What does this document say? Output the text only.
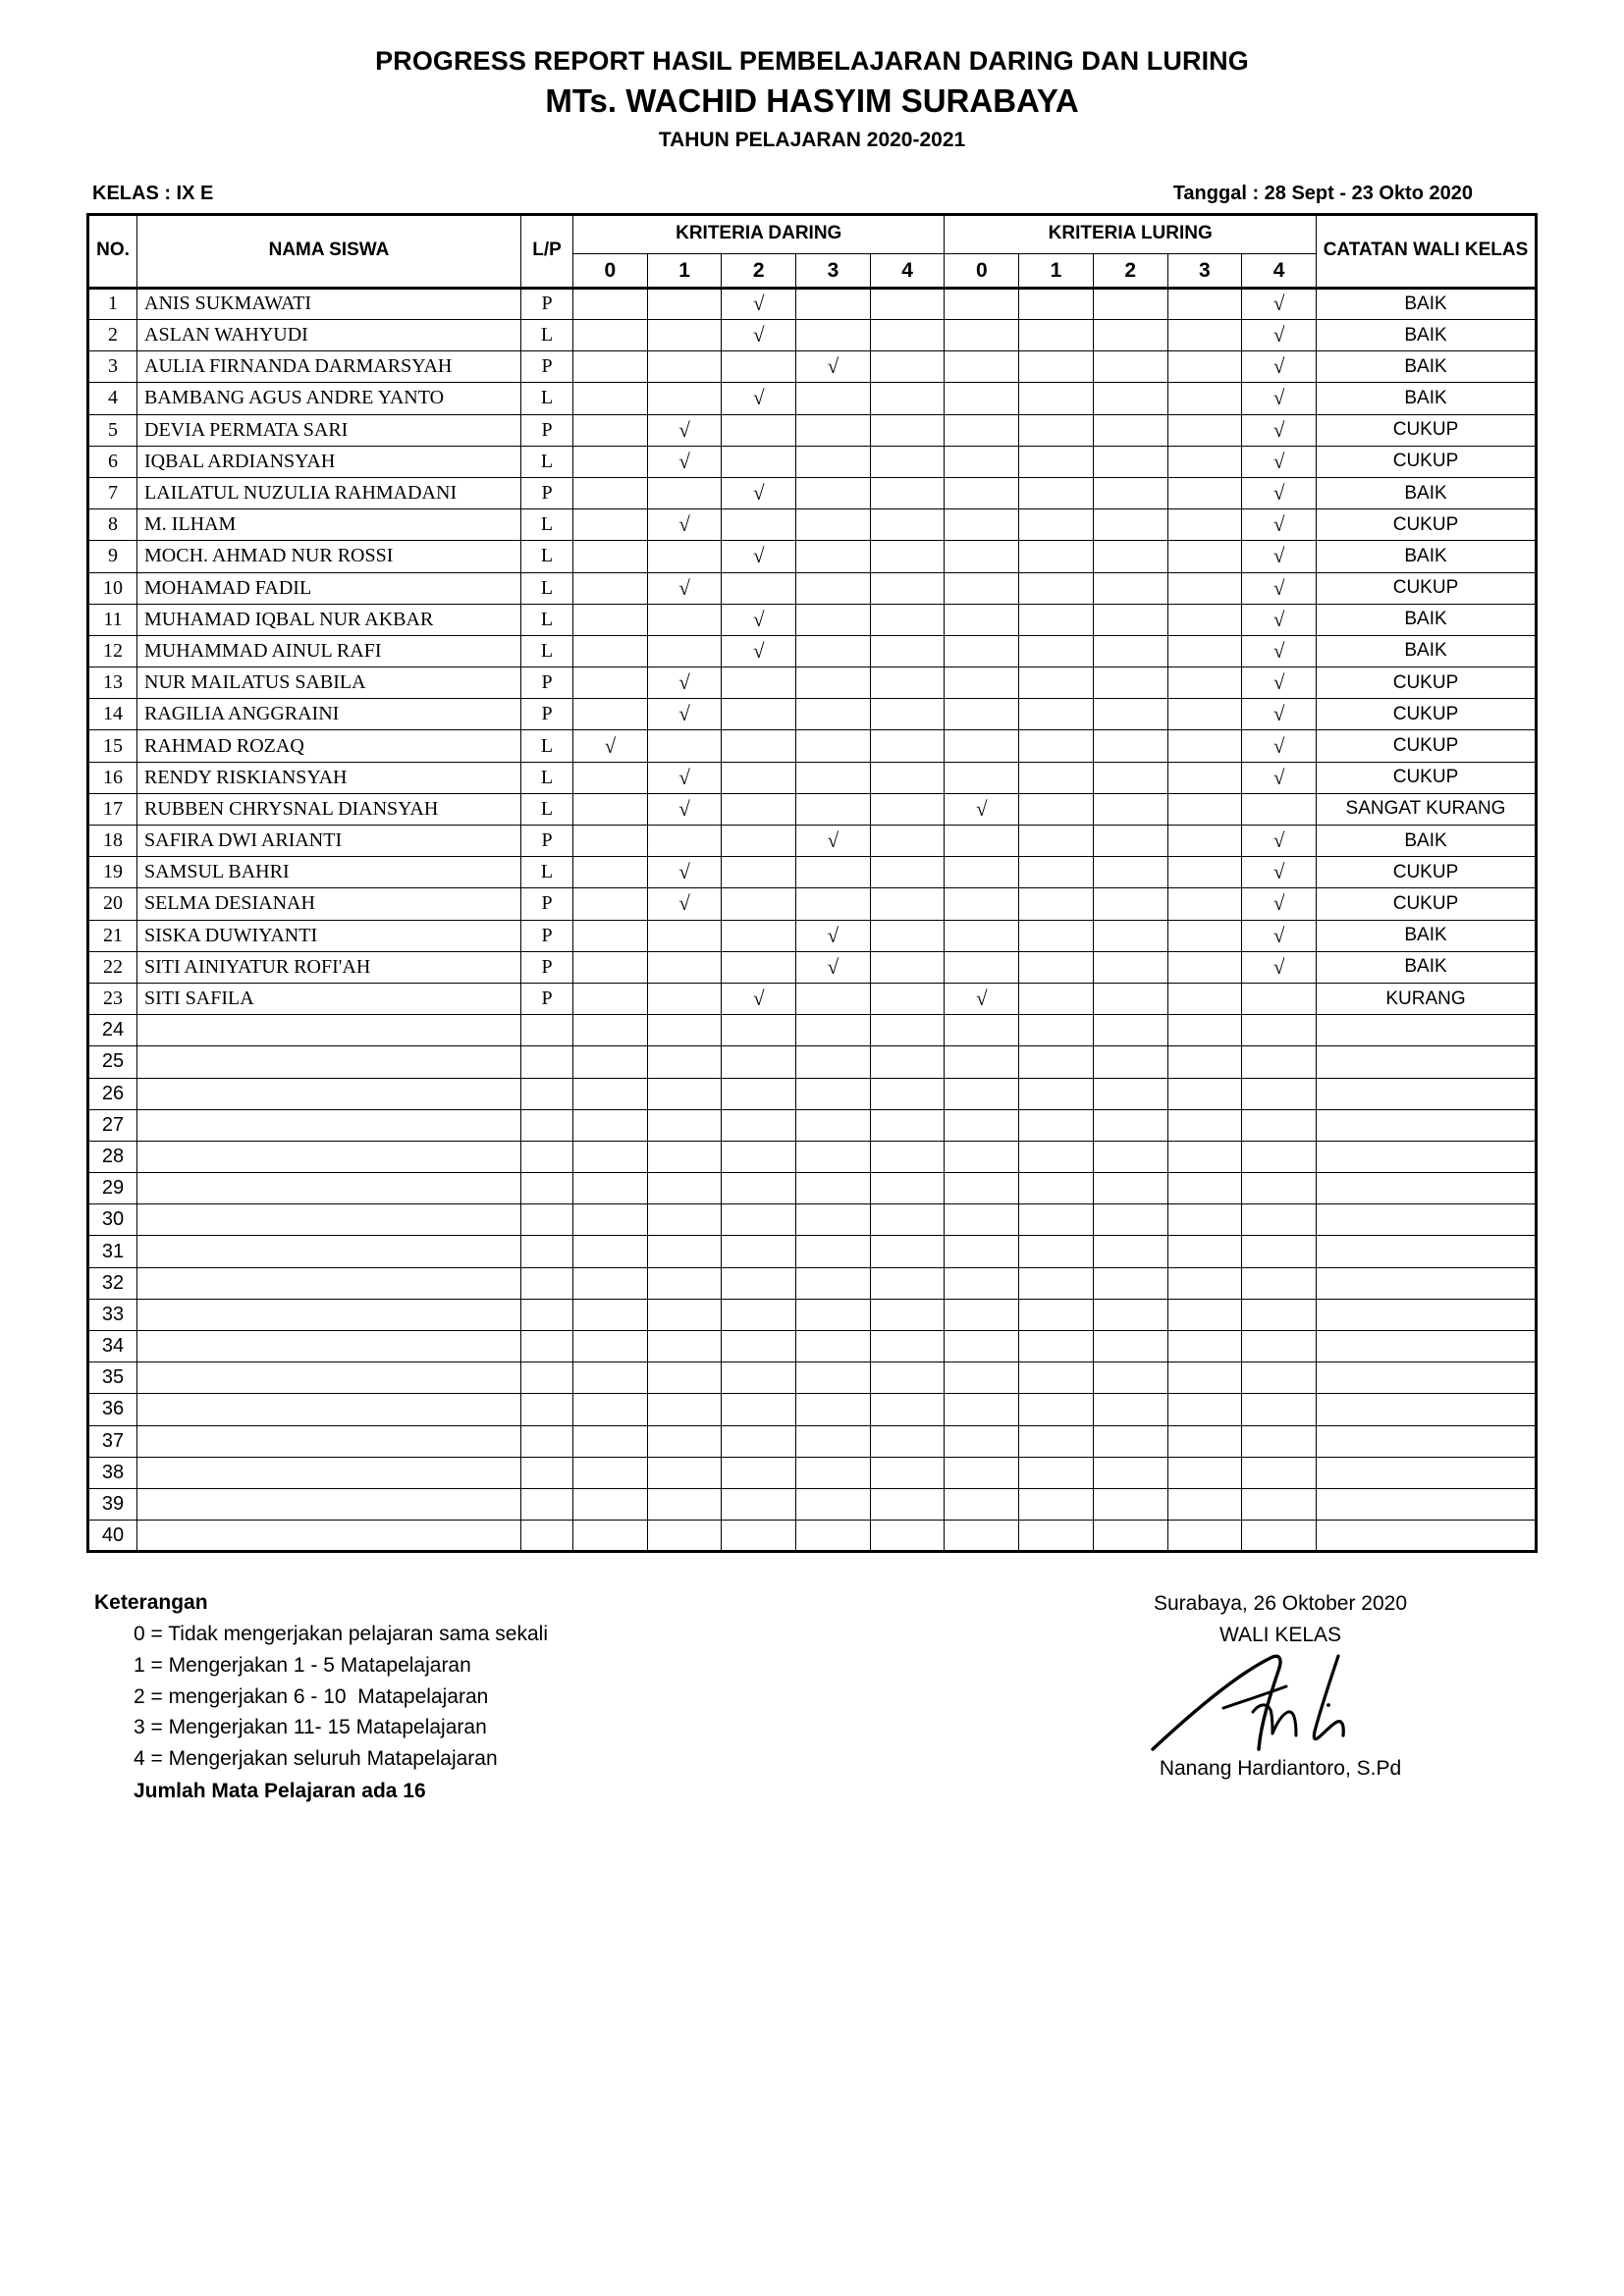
PROGRESS REPORT HASIL PEMBELAJARAN DARING DAN LURING
MTs. WACHID HASYIM SURABAYA
TAHUN PELAJARAN 2020-2021
KELAS : IX E	Tanggal : 28 Sept - 23 Okto 2020
NO.	NAMA SISWA	L/P	KRITERIA DARING					KRITERIA LURING					CATATAN WALI KELAS
			0	1	2	3	4	0	1	2	3	4	
1	ANIS SUKMAWATI	P			√							√	BAIK
2	ASLAN WAHYUDI	L			√							√	BAIK
3	AULIA FIRNANDA DARMARSYAH	P				√						√	BAIK
4	BAMBANG AGUS ANDRE YANTO	L			√							√	BAIK
5	DEVIA PERMATA SARI	P		√								√	CUKUP
6	IQBAL ARDIANSYAH	L		√								√	CUKUP
7	LAILATUL NUZULIA RAHMADANI	P			√							√	BAIK
8	M. ILHAM	L		√								√	CUKUP
9	MOCH. AHMAD NUR ROSSI	L			√							√	BAIK
10	MOHAMAD FADIL	L		√								√	CUKUP
11	MUHAMAD IQBAL NUR AKBAR	L			√							√	BAIK
12	MUHAMMAD AINUL RAFI	L			√							√	BAIK
13	NUR MAILATUS SABILA	P		√								√	CUKUP
14	RAGILIA ANGGRAINI	P		√								√	CUKUP
15	RAHMAD ROZAQ	L	√									√	CUKUP
16	RENDY RISKIANSYAH	L		√								√	CUKUP
17	RUBBEN CHRYSNAL DIANSYAH	L		√				√					SANGAT KURANG
18	SAFIRA DWI ARIANTI	P				√						√	BAIK
19	SAMSUL BAHRI	L		√								√	CUKUP
20	SELMA DESIANAH	P		√								√	CUKUP
21	SISKA DUWIYANTI	P				√						√	BAIK
22	SITI AINIYATUR ROFI'AH	P				√						√	BAIK
23	SITI SAFILA	P			√			√					KURANG
24													
25													
26													
27													
28													
29													
30													
31													
32													
33													
34													
35													
36													
37													
38													
39													
40													
Keterangan
0 = Tidak mengerjakan pelajaran sama sekali
1 = Mengerjakan 1 - 5 Matapelajaran
2 = mengerjakan 6 - 10  Matapelajaran
3 = Mengerjakan 11- 15 Matapelajaran
4 = Mengerjakan seluruh Matapelajaran
Jumlah Mata Pelajaran ada 16
Surabaya, 26 Oktober 2020
WALI KELAS
Nanang Hardiantoro, S.Pd
